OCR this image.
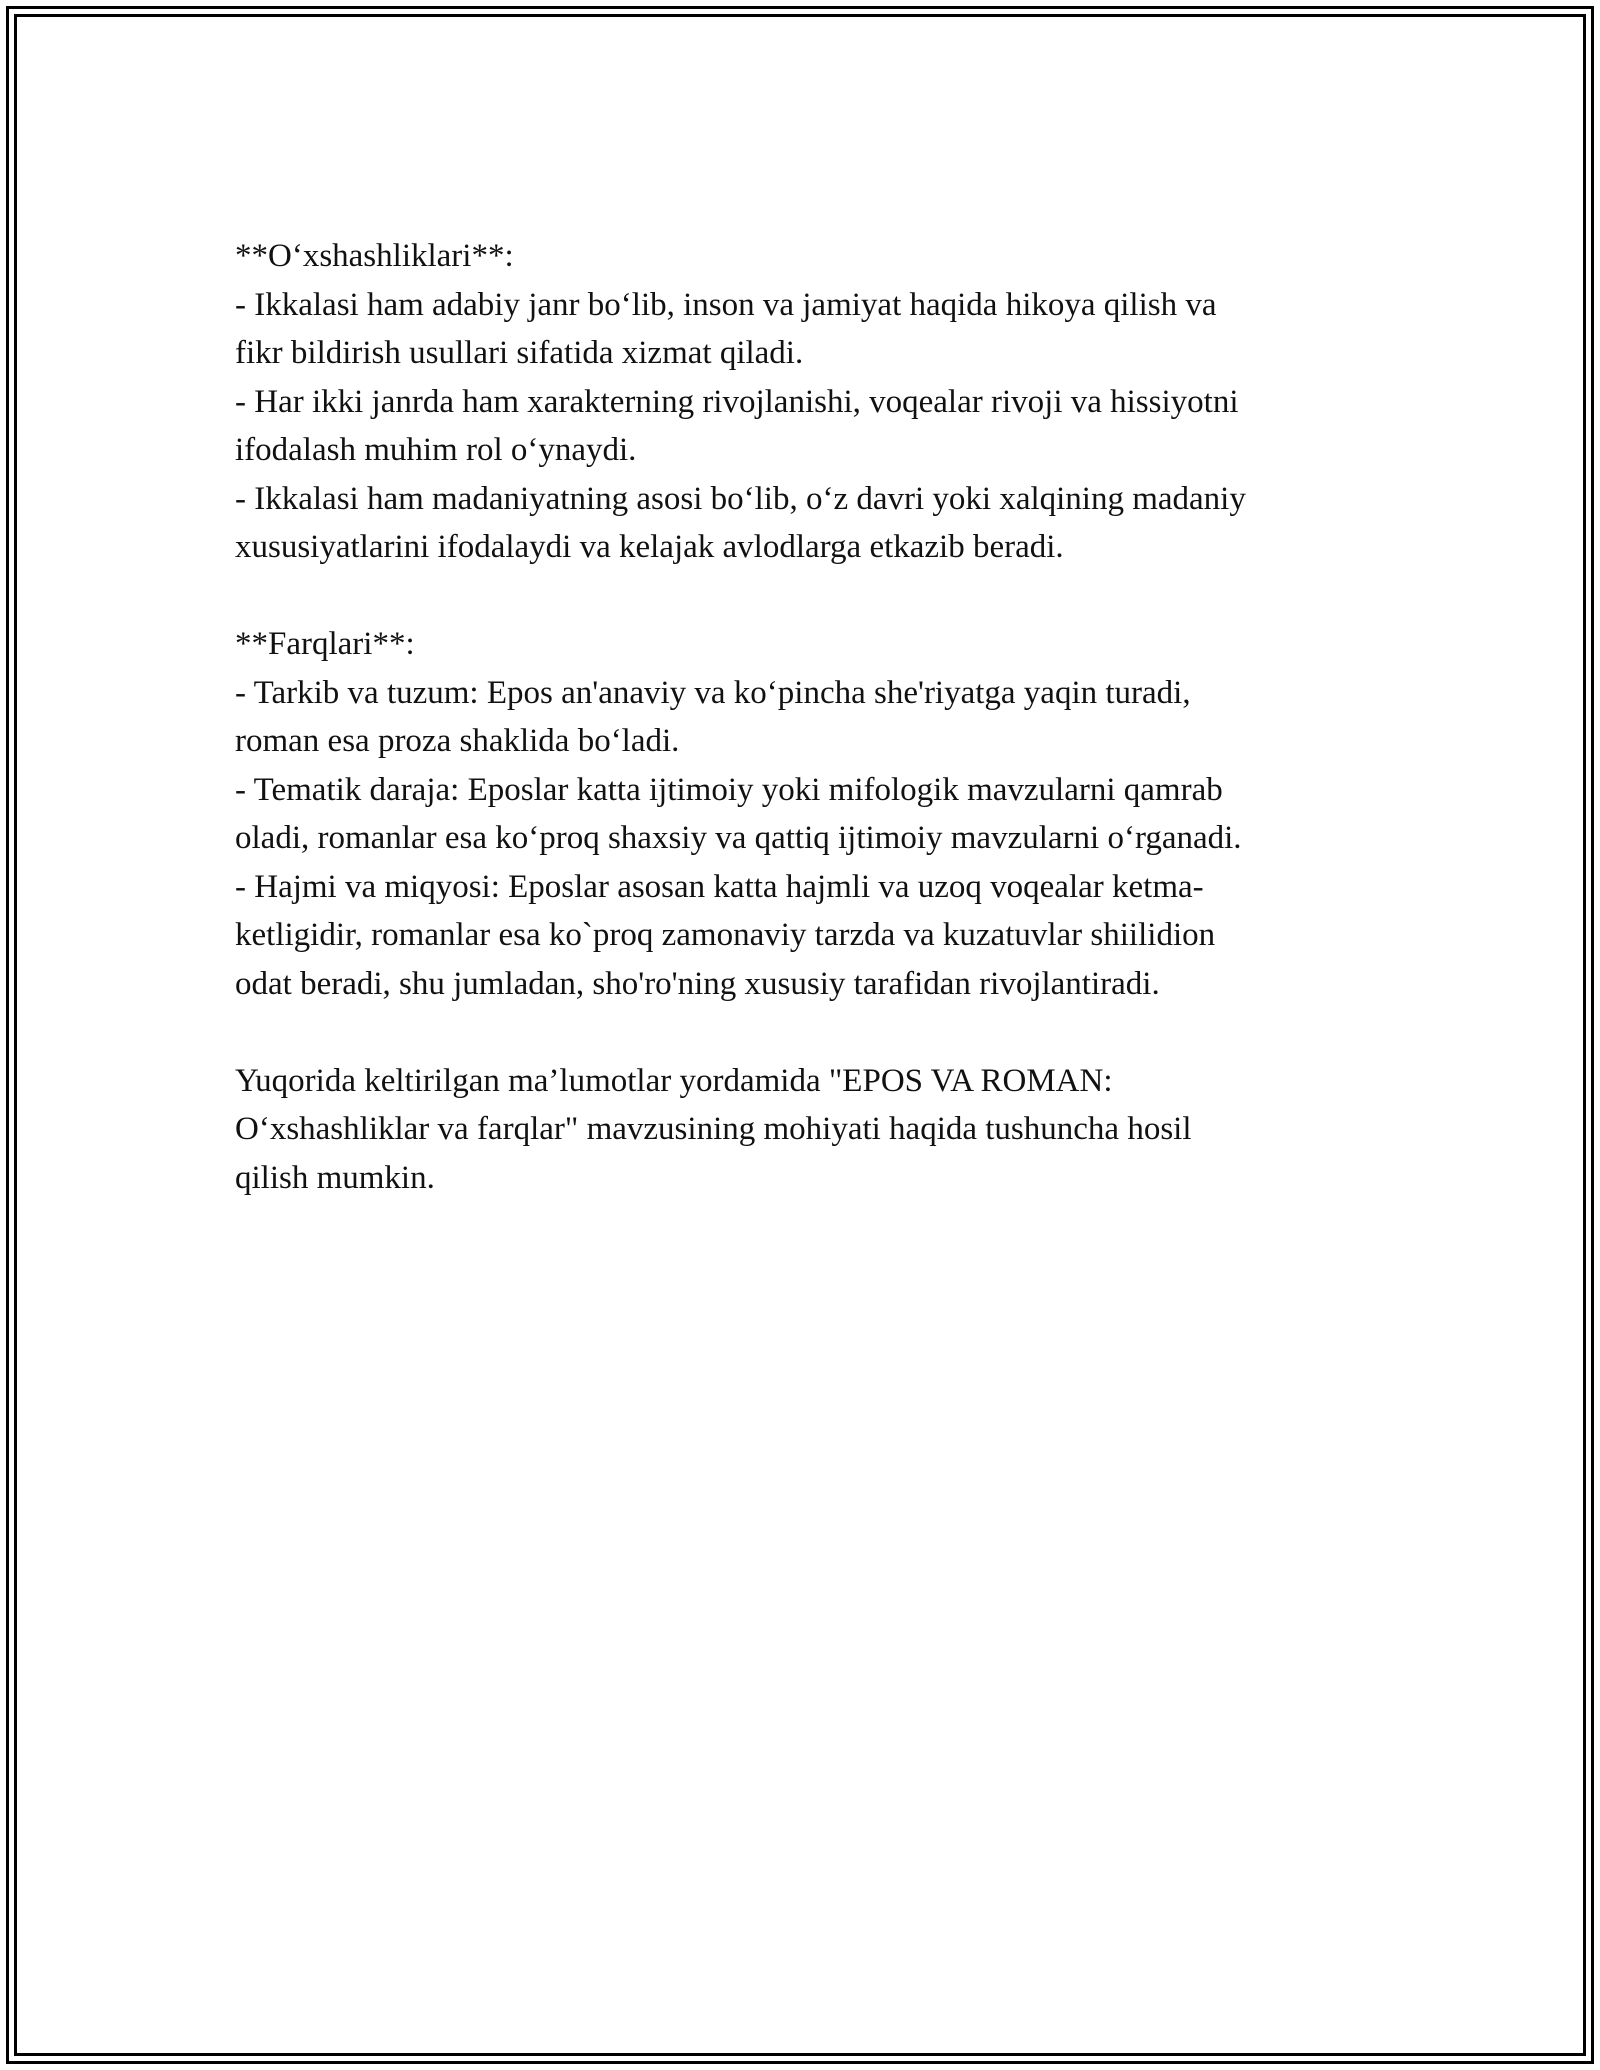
**O‘xshashliklari**:
- Ikkalasi ham adabiy janr bo‘lib, inson va jamiyat haqida hikoya qilish va
fikr bildirish usullari sifatida xizmat qiladi.
- Har ikki janrda ham xarakterning rivojlanishi, voqealar rivoji va hissiyotni
ifodalash muhim rol o‘ynaydi.
- Ikkalasi ham madaniyatning asosi bo‘lib, o‘z davri yoki xalqining madaniy
xususiyatlarini ifodalaydi va kelajak avlodlarga etkazib beradi.
**Farqlari**:
- Tarkib va tuzum: Epos an'anaviy va ko‘pincha she'riyatga yaqin turadi,
roman esa proza shaklida bo‘ladi.
- Tematik daraja: Eposlar katta ijtimoiy yoki mifologik mavzularni qamrab
oladi, romanlar esa ko‘proq shaxsiy va qattiq ijtimoiy mavzularni o‘rganadi.
- Hajmi va miqyosi: Eposlar asosan katta hajmli va uzoq voqealar ketma-
ketligidir, romanlar esa ko`proq zamonaviy tarzda va kuzatuvlar shiilidion
odat beradi, shu jumladan, sho'ro'ning xususiy tarafidan rivojlantiradi.
Yuqorida keltirilgan ma’lumotlar yordamida "EPOS VA ROMAN:
O‘xshashliklar va farqlar" mavzusining mohiyati haqida tushuncha hosil
qilish mumkin.
